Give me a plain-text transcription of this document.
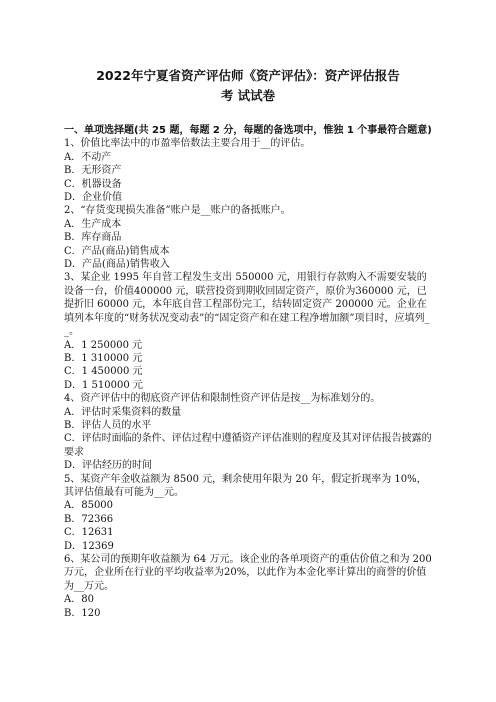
2022年宁夏省资产评估师《资产评估》：资产评估报告
考 试试卷

一、单项选择题(共 25 题，每题 2 分，每题的备选项中，惟独 1 个事最符合题意)

1、价值比率法中的市盈率倍数法主要合用于__的评估。

A．不动产

B．无形资产

C．机器设备

D．企业价值

2、“存货变现损失准备”账户是__账户的备抵账户。

A．生产成本

B．库存商品

C．产品(商品)销售成本

D．产品(商品)销售收入

3、某企业 1995 年自营工程发生支出 550000 元，用银行存款购入不需要安装的设备一台，价值400000 元，联营投资到期收回固定资产，原价为360000 元，已提折旧 60000 元，本年底自营工程部份完工，结转固定资产 200000 元。企业在填列本年度的“财务状况变动表”的“固定资产和在建工程净增加额”项目时，应填列__。

A．1 250000 元

B．1 310000 元

C．1 450000 元

D．1 510000 元

4、资产评估中的彻底资产评估和限制性资产评估是按__为标准划分的。

A．评估时采集资料的数量

B．评估人员的水平

C．评估时面临的条件、评估过程中遵循资产评估准则的程度及其对评估报告披露的要求

D．评估经历的时间

5、某资产年金收益额为 8500 元，剩余使用年限为 20 年，假定折现率为 10%，其评估值最有可能为__元。

A．85000

B．72366

C．12631

D．12369

6、某公司的预期年收益额为 64 万元。该企业的各单项资产的重估价值之和为 200 万元，企业所在行业的平均收益率为20%，以此作为本金化率计算出的商誉的价值为__万元。

A．80

B．120
